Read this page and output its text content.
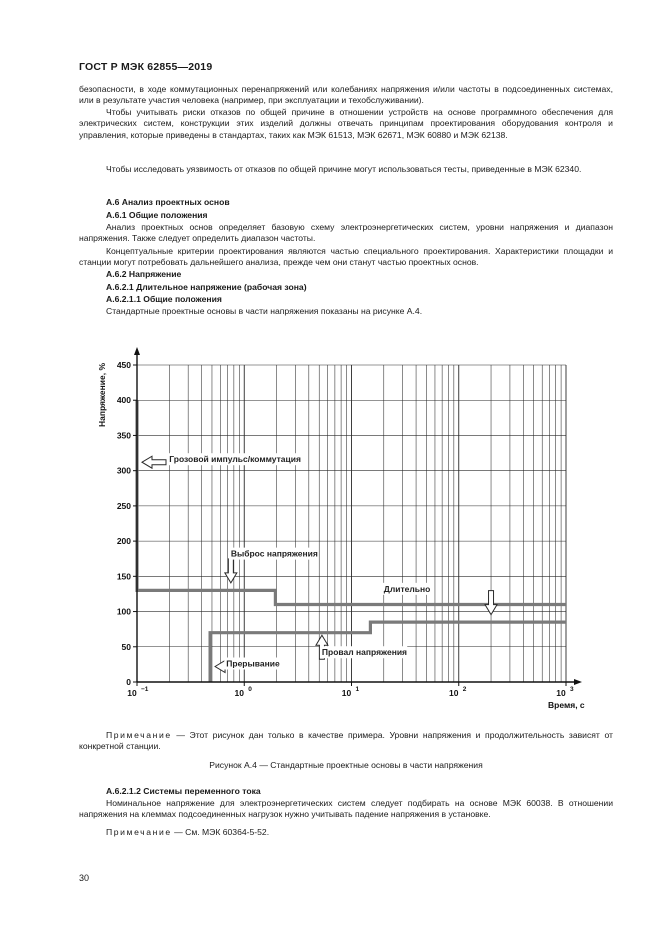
ГОСТ Р МЭК 62855—2019

безопасности, в ходе коммутационных перенапряжений или колебаниях напряжения и/или частоты в подсоединенных системах, или в результате участия человека (например, при эксплуатации и техобслуживании).

Чтобы учитывать риски отказов по общей причине в отношении устройств на основе программного обеспечения для электрических систем, конструкции этих изделий должны отвечать принципам проектирования оборудования контроля и управления, которые приведены в стандартах, таких как МЭК 61513, МЭК 62671, МЭК 60880 и МЭК 62138.

Чтобы исследовать уязвимость от отказов по общей причине могут использоваться тесты, приведенные в МЭК 62340.

А.6 Анализ проектных основ

А.6.1 Общие положения

Анализ проектных основ определяет базовую схему электроэнергетических систем, уровни напряжения и диапазон напряжения. Также следует определить диапазон частоты.

Концептуальные критерии проектирования являются частью специального проектирования. Характеристики площадки и станции могут потребовать дальнейшего анализа, прежде чем они станут частью проектных основ.

А.6.2 Напряжение

А.6.2.1 Длительное напряжение (рабочая зона)

А.6.2.1.1 Общие положения

Стандартные проектные основы в части напряжения показаны на рисунке А.4.

Грозовой импульс/коммутация
Выброс напряжения
Длительно
Провал напряжения
Прерывание
0
50
100
150
200
250
300
350
400
450
10 −1	10 0	10 1	10 2	10 3
Напряжение, %
Время, с

Примечание — Этот рисунок дан только в качестве примера. Уровни напряжения и продолжительность зависят от конкретной станции.

Рисунок А.4 — Стандартные проектные основы в части напряжения

А.6.2.1.2 Системы переменного тока

Номинальное напряжение для электроэнергетических систем следует подбирать на основе МЭК 60038. В отношении напряжения на клеммах подсоединенных нагрузок нужно учитывать падение напряжения в установке.

Примечание — См. МЭК 60364-5-52.

30
